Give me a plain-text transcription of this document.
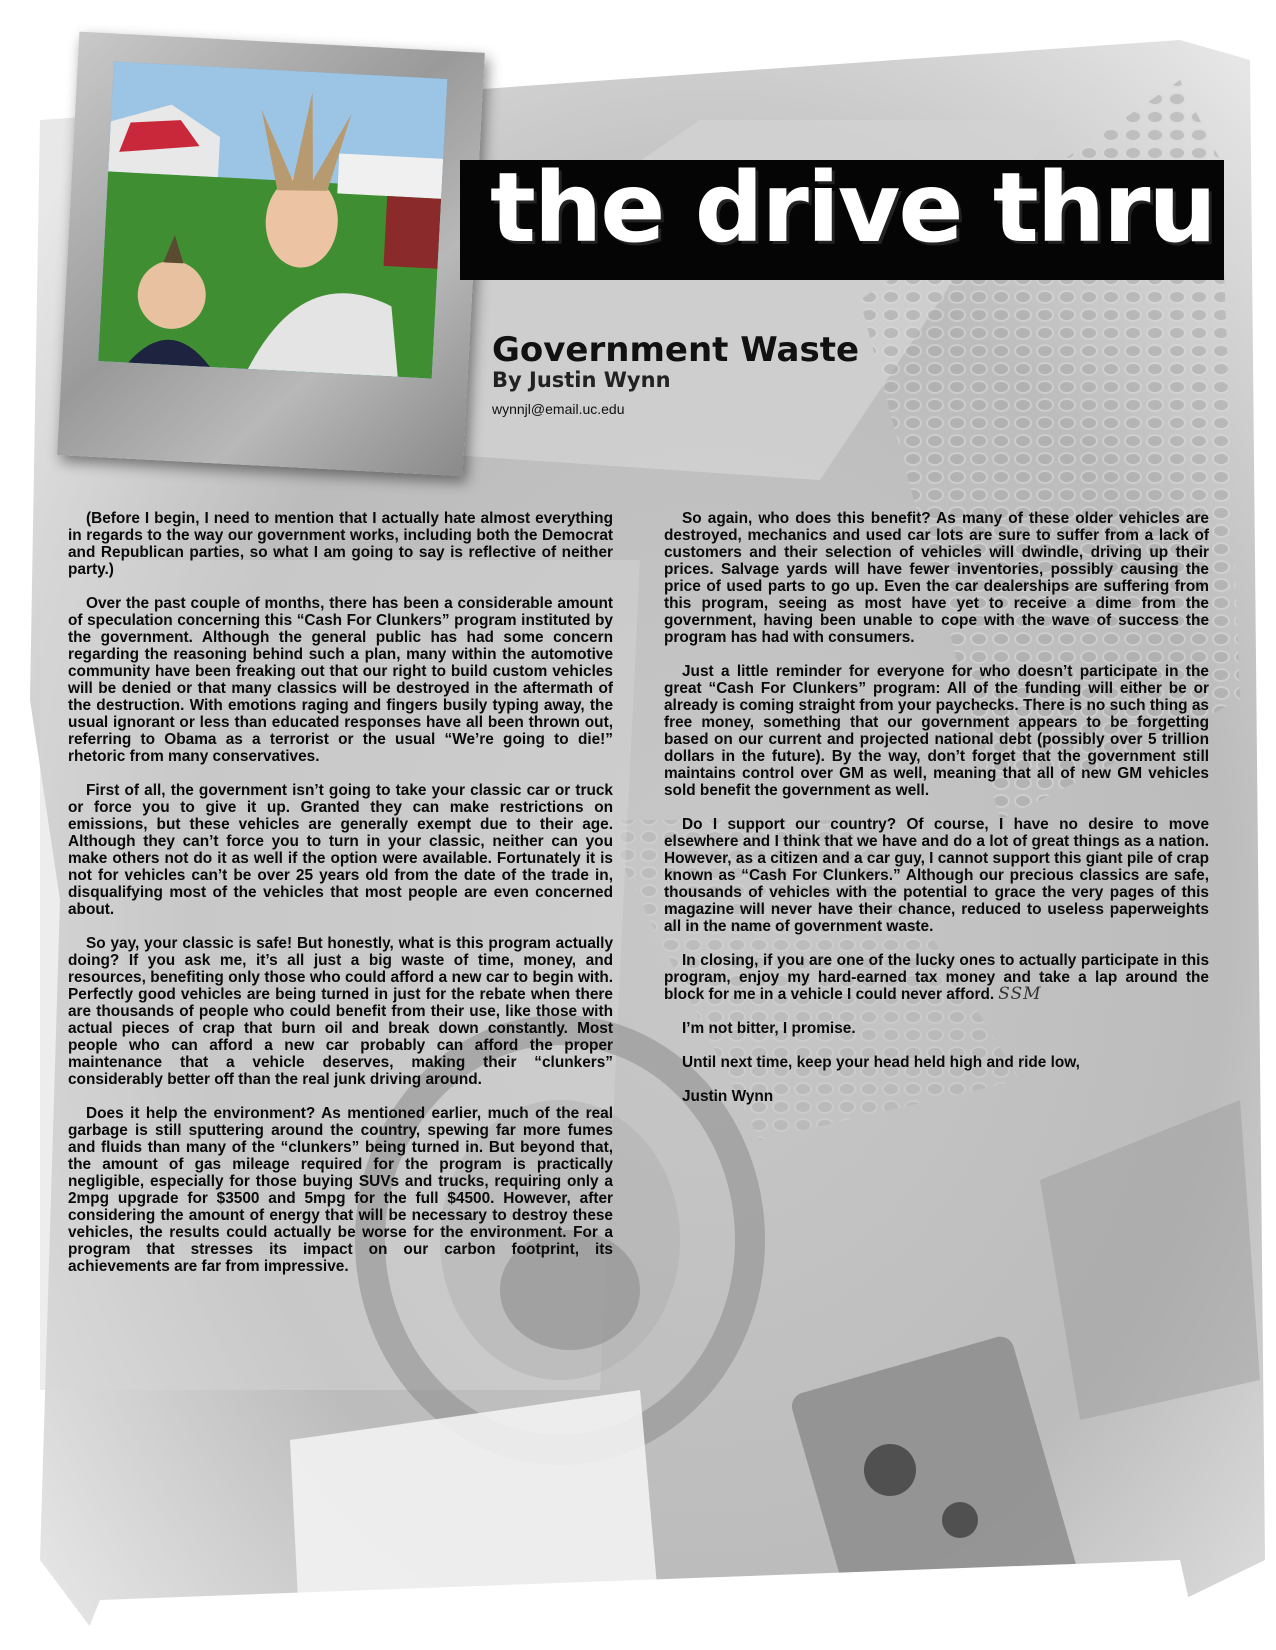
the drive thru
Government Waste
By Justin Wynn
wynnjl@email.uc.edu

(Before I begin, I need to mention that I actually hate almost everything in regards to the way our government works, including both the Democrat and Republican parties, so what I am going to say is reflective of neither party.)

Over the past couple of months, there has been a considerable amount of speculation concerning this “Cash For Clunkers” program instituted by the government. Although the general public has had some concern regarding the reasoning behind such a plan, many within the automotive community have been freaking out that our right to build custom vehicles will be denied or that many classics will be destroyed in the aftermath of the destruction. With emotions raging and fingers busily typing away, the usual ignorant or less than educated responses have all been thrown out, referring to Obama as a terrorist or the usual “We’re going to die!” rhetoric from many conservatives.

First of all, the government isn’t going to take your classic car or truck or force you to give it up. Granted they can make restrictions on emissions, but these vehicles are generally exempt due to their age. Although they can’t force you to turn in your classic, neither can you make others not do it as well if the option were available. Fortunately it is not for vehicles can’t be over 25 years old from the date of the trade in, disqualifying most of the vehicles that most people are even concerned about.

So yay, your classic is safe! But honestly, what is this program actually doing? If you ask me, it’s all just a big waste of time, money, and resources, benefiting only those who could afford a new car to begin with. Perfectly good vehicles are being turned in just for the rebate when there are thousands of people who could benefit from their use, like those with actual pieces of crap that burn oil and break down constantly. Most people who can afford a new car probably can afford the proper maintenance that a vehicle deserves, making their “clunkers” considerably better off than the real junk driving around.

Does it help the environment? As mentioned earlier, much of the real garbage is still sputtering around the country, spewing far more fumes and fluids than many of the “clunkers” being turned in. But beyond that, the amount of gas mileage required for the program is practically negligible, especially for those buying SUVs and trucks, requiring only a 2mpg upgrade for $3500 and 5mpg for the full $4500. However, after considering the amount of energy that will be necessary to destroy these vehicles, the results could actually be worse for the environment. For a program that stresses its impact on our carbon footprint, its achievements are far from impressive.

So again, who does this benefit? As many of these older vehicles are destroyed, mechanics and used car lots are sure to suffer from a lack of customers and their selection of vehicles will dwindle, driving up their prices. Salvage yards will have fewer inventories, possibly causing the price of used parts to go up. Even the car dealerships are suffering from this program, seeing as most have yet to receive a dime from the government, having been unable to cope with the wave of success the program has had with consumers.

Just a little reminder for everyone for who doesn’t participate in the great “Cash For Clunkers” program: All of the funding will either be or already is coming straight from your paychecks. There is no such thing as free money, something that our government appears to be forgetting based on our current and projected national debt (possibly over 5 trillion dollars in the future). By the way, don’t forget that the government still maintains control over GM as well, meaning that all of new GM vehicles sold benefit the government as well.

Do I support our country? Of course, I have no desire to move elsewhere and I think that we have and do a lot of great things as a nation. However, as a citizen and a car guy, I cannot support this giant pile of crap known as “Cash For Clunkers.” Although our precious classics are safe, thousands of vehicles with the potential to grace the very pages of this magazine will never have their chance, reduced to useless paperweights all in the name of government waste.

In closing, if you are one of the lucky ones to actually participate in this program, enjoy my hard-earned tax money and take a lap around the block for me in a vehicle I could never afford. SSM

I’m not bitter, I promise.

Until next time, keep your head held high and ride low,

Justin Wynn
